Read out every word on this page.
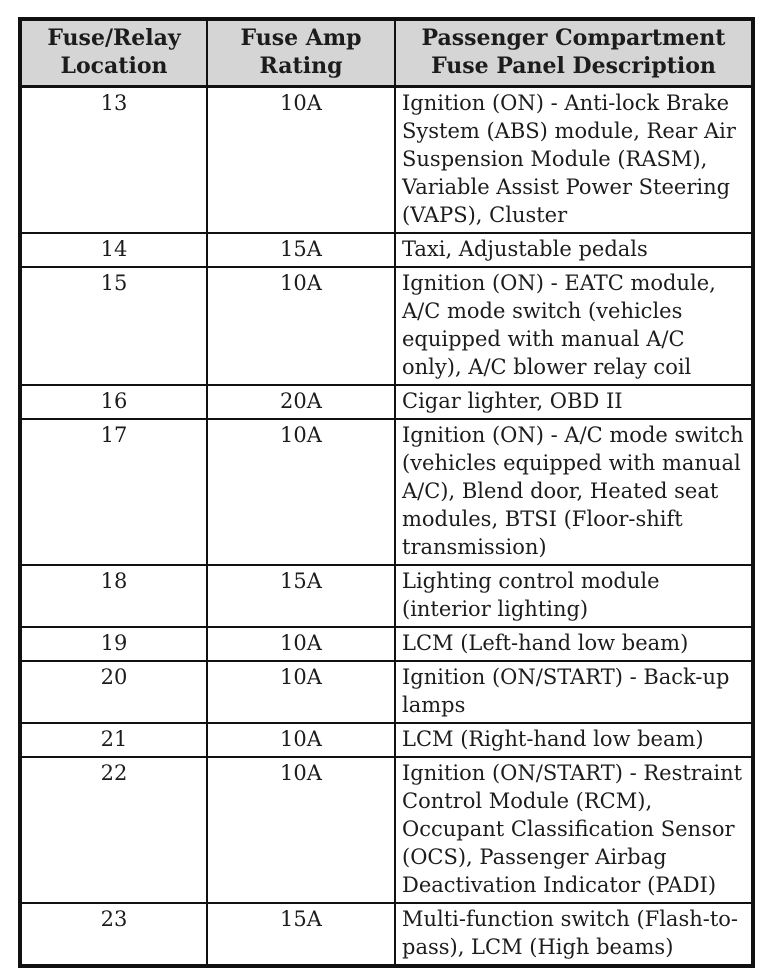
Fuse/Relay Location	Fuse Amp Rating	Passenger Compartment Fuse Panel Description
13	10A	Ignition (ON) - Anti-lock Brake System (ABS) module, Rear Air Suspension Module (RASM), Variable Assist Power Steering (VAPS), Cluster
14	15A	Taxi, Adjustable pedals
15	10A	Ignition (ON) - EATC module, A/C mode switch (vehicles equipped with manual A/C only), A/C blower relay coil
16	20A	Cigar lighter, OBD II
17	10A	Ignition (ON) - A/C mode switch (vehicles equipped with manual A/C), Blend door, Heated seat modules, BTSI (Floor-shift transmission)
18	15A	Lighting control module (interior lighting)
19	10A	LCM (Left-hand low beam)
20	10A	Ignition (ON/START) - Back-up lamps
21	10A	LCM (Right-hand low beam)
22	10A	Ignition (ON/START) - Restraint Control Module (RCM), Occupant Classification Sensor (OCS), Passenger Airbag Deactivation Indicator (PADI)
23	15A	Multi-function switch (Flash-to-pass), LCM (High beams)
